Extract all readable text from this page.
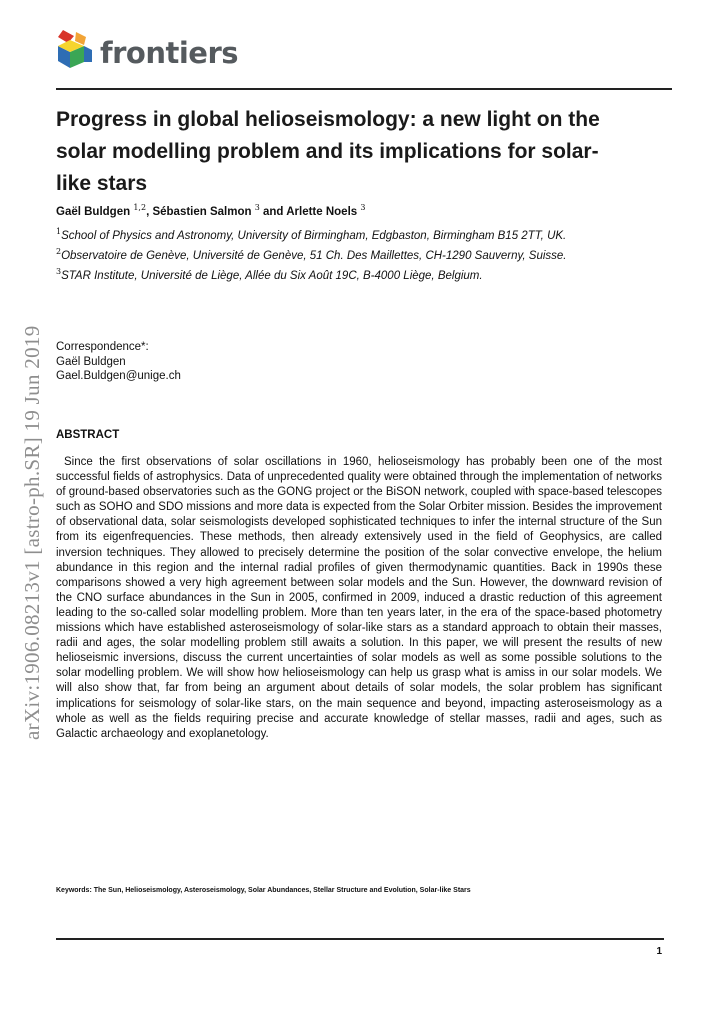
frontiers
arXiv:1906.08213v1 [astro-ph.SR] 19 Jun 2019
Progress in global helioseismology: a new light on the solar modelling problem and its implications for solar-like stars
Gaël Buldgen $^{1,2}$, Sébastien Salmon $^3$ and Arlette Noels $^3$
$^1$School of Physics and Astronomy, University of Birmingham, Edgbaston, Birmingham B15 2TT, UK.
$^2$Observatoire de Genève, Université de Genève, 51 Ch. Des Maillettes, CH-1290 Sauverny, Suisse.
$^3$STAR Institute, Université de Liège, Allée du Six Août 19C, B-4000 Liège, Belgium.
Correspondence*:
Gaël Buldgen
Gael.Buldgen@unige.ch
ABSTRACT

Since the first observations of solar oscillations in 1960, helioseismology has probably been one of the most successful fields of astrophysics. Data of unprecedented quality were obtained through the implementation of networks of ground-based observatories such as the GONG project or the BiSON network, coupled with space-based telescopes such as SOHO and SDO missions and more data is expected from the Solar Orbiter mission. Besides the improvement of observational data, solar seismologists developed sophisticated techniques to infer the internal structure of the Sun from its eigenfrequencies. These methods, then already extensively used in the field of Geophysics, are called inversion techniques. They allowed to precisely determine the position of the solar convective envelope, the helium abundance in this region and the internal radial profiles of given thermodynamic quantities. Back in 1990s these comparisons showed a very high agreement between solar models and the Sun. However, the downward revision of the CNO surface abundances in the Sun in 2005, confirmed in 2009, induced a drastic reduction of this agreement leading to the so-called solar modelling problem. More than ten years later, in the era of the space-based photometry missions which have established asteroseismology of solar-like stars as a standard approach to obtain their masses, radii and ages, the solar modelling problem still awaits a solution. In this paper, we will present the results of new helioseismic inversions, discuss the current uncertainties of solar models as well as some possible solutions to the solar modelling problem. We will show how helioseismology can help us grasp what is amiss in our solar models. We will also show that, far from being an argument about details of solar models, the solar problem has significant implications for seismology of solar-like stars, on the main sequence and beyond, impacting asteroseismology as a whole as well as the fields requiring precise and accurate knowledge of stellar masses, radii and ages, such as Galactic archaeology and exoplanetology.

Keywords: The Sun, Helioseismology, Asteroseismology, Solar Abundances, Stellar Structure and Evolution, Solar-like Stars
1
